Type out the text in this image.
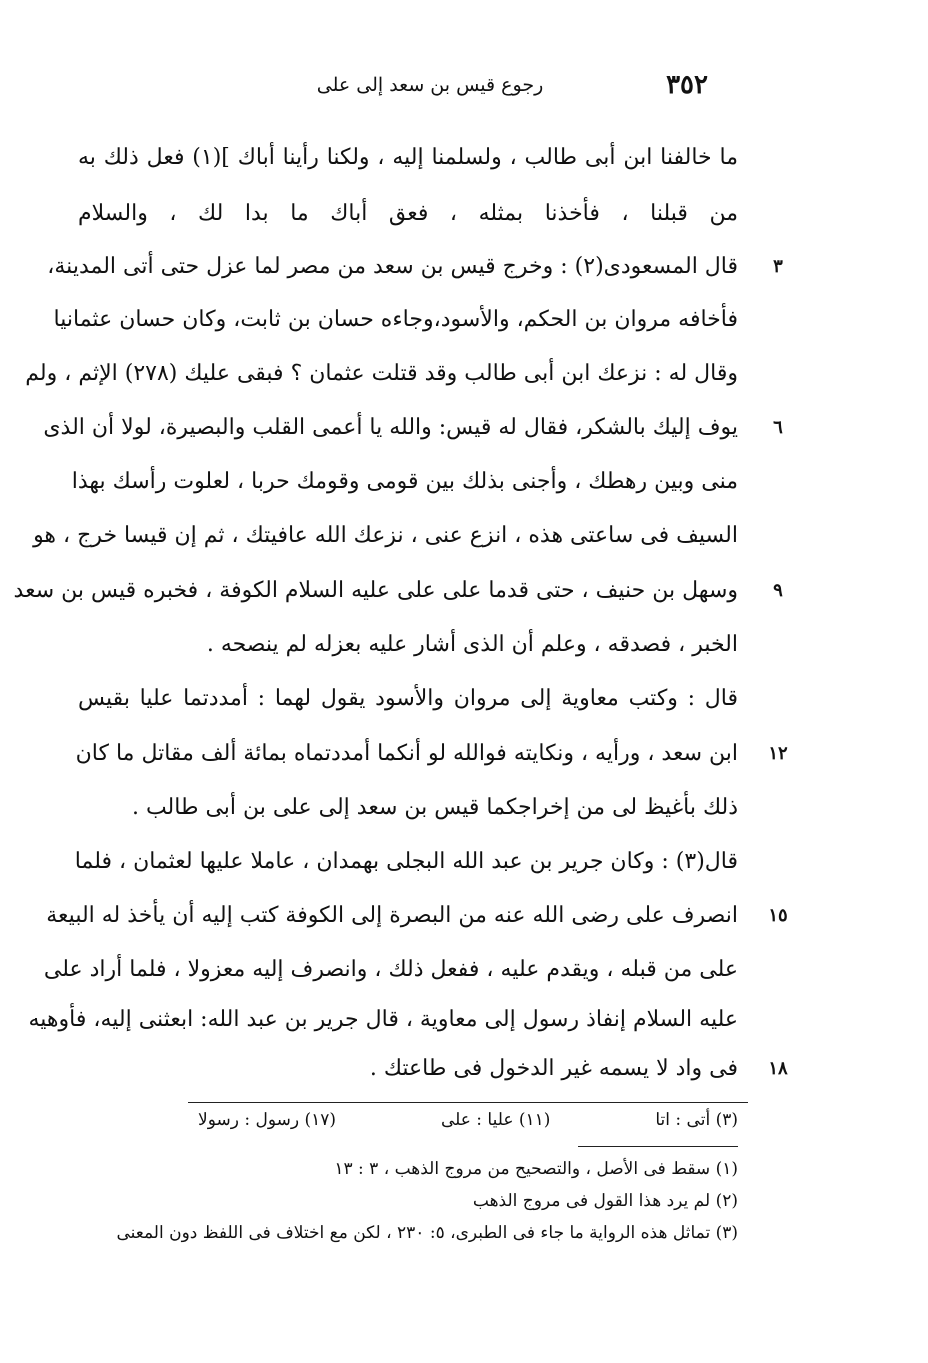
٣٥٢
رجوع قيس بن سعد إلى على
ما خالفنا ابن أبى طالب ، ولسلمنا إليه ، ولكنا رأينا أباك ](١) فعل ذلك به
من قبلنا ، فأخذنا بمثله ، فعق أباك ما بدا لك ، والسلام
قال المسعودى(٢) : وخرج قيس بن سعد من مصر لما عزل حتى أتى المدينة،	٣
فأخافه مروان بن الحكم، والأسود،وجاءه حسان بن ثابت، وكان حسان عثمانيا
وقال له : نزعك ابن أبى طالب وقد قتلت عثمان ؟ فبقى عليك (٢٧٨) الإثم ، ولم
يوف إليك بالشكر، فقال له قيس: والله يا أعمى القلب والبصيرة، لولا أن الذى	٦
منى وبين رهطك ، وأجنى بذلك بين قومى وقومك حربا ، لعلوت رأسك بهذا
السيف فى ساعتى هذه ، انزع عنى ، نزعك الله عافيتك ، ثم إن قيسا خرج ، هو
وسهل بن حنيف ، حتى قدما على على عليه السلام الكوفة ، فخبره قيس بن سعد	٩
الخبر ، فصدقه ، وعلم أن الذى أشار عليه بعزله لم ينصحه .
قال : وكتب معاوية إلى مروان والأسود يقول لهما : أمددتما عليا بقيس
ابن سعد ، ورأيه ، ونكايته فوالله لو أنكما أمددتماه بمائة ألف مقاتل ما كان	١٢
ذلك بأغيظ لى من إخراجكما قيس بن سعد إلى على بن أبى طالب .
قال(٣) : وكان جرير بن عبد الله البجلى بهمدان ، عاملا عليها لعثمان ، فلما
انصرف على رضى الله عنه من البصرة إلى الكوفة كتب إليه أن يأخذ له البيعة	١٥
على من قبله ، ويقدم عليه ، ففعل ذلك ، وانصرف إليه معزولا ، فلما أراد على
عليه السلام إنفاذ رسول إلى معاوية ، قال جرير بن عبد الله: ابعثنى إليه، فأوهيه
فى واد لا يسمه غير الدخول فى طاعتك .	١٨
(٣) أتى : اتا
(١١) عليا : على
(١٧) رسول : رسولا
(١) سقط فى الأصل ، والتصحيح من مروج الذهب ، ٣ : ١٣
(٢) لم يرد هذا القول فى مروج الذهب
(٣) تماثل هذه الرواية ما جاء فى الطبرى، ٥: ٢٣٠ ، لكن مع اختلاف فى اللفظ دون المعنى
